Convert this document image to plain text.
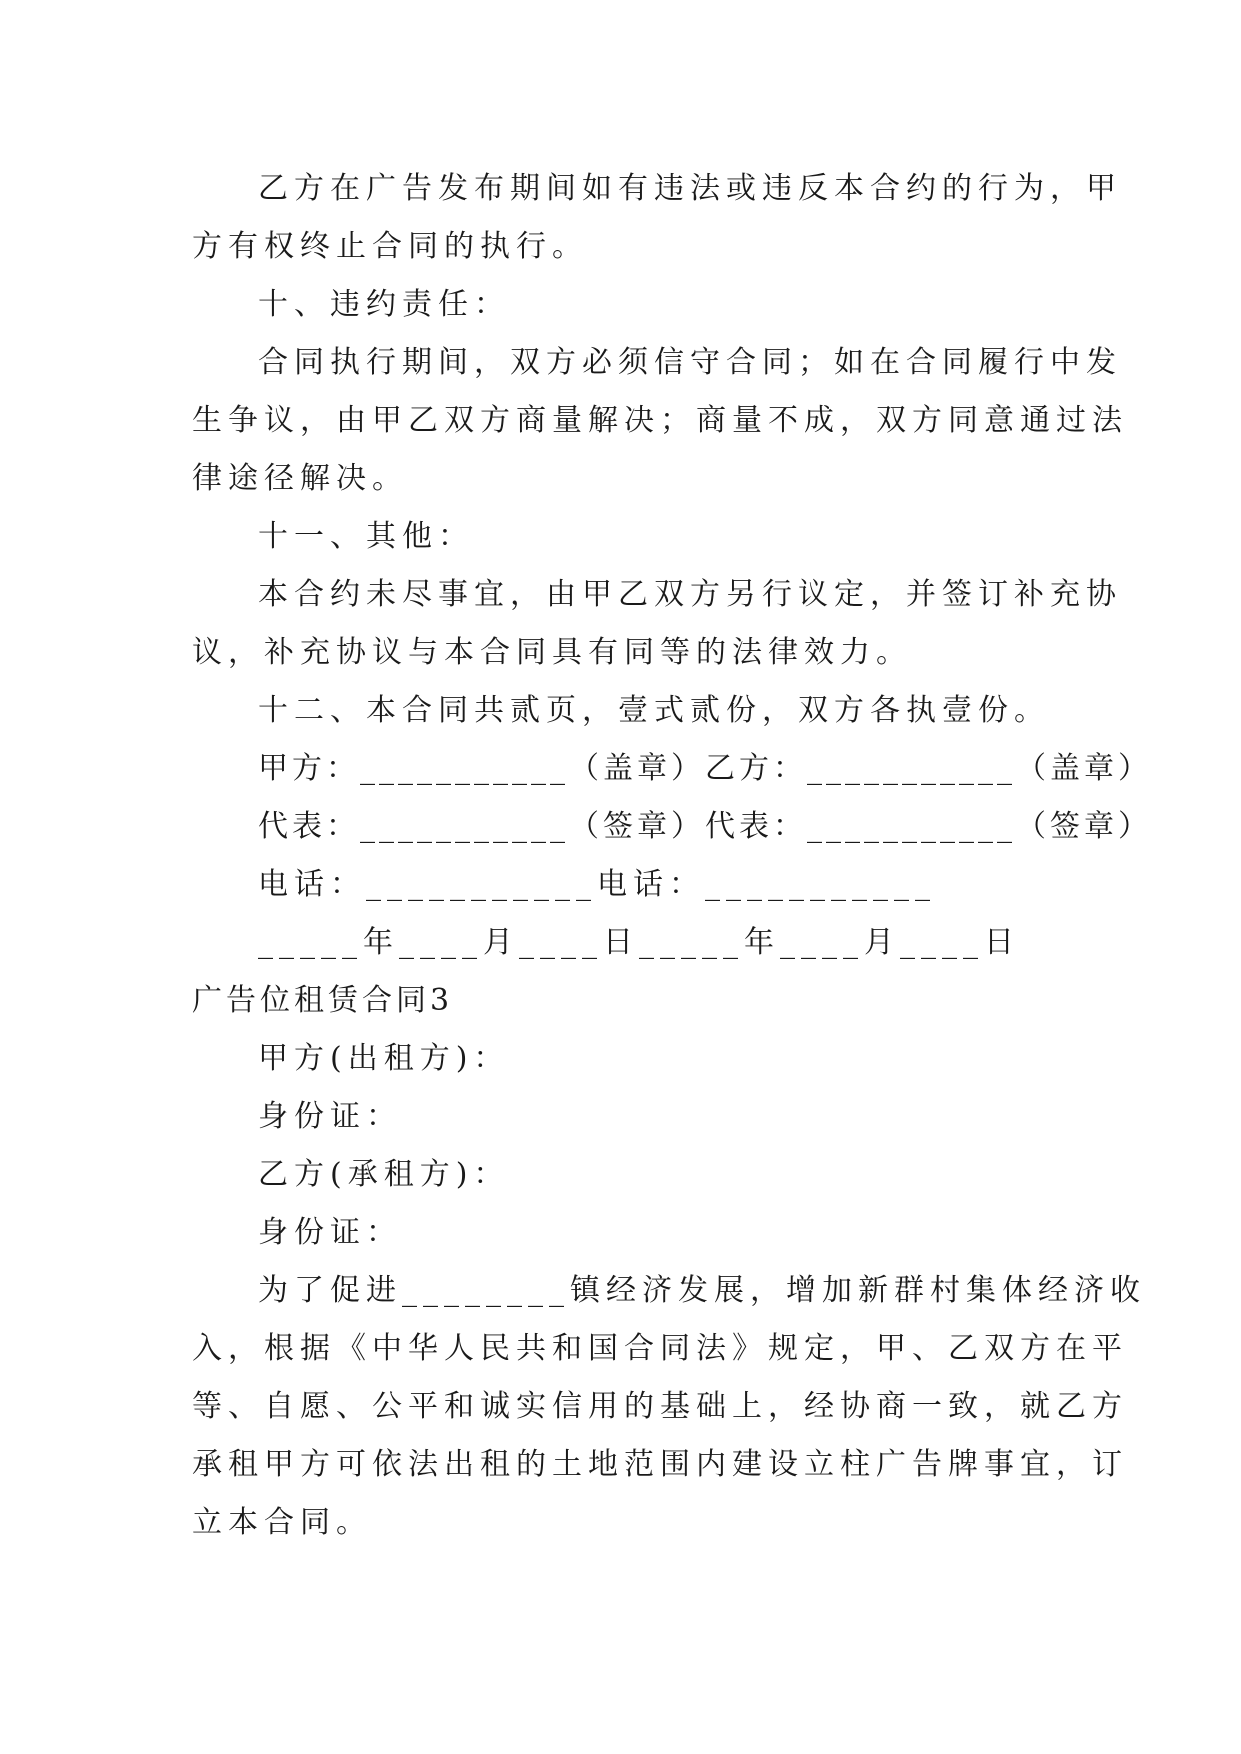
乙方在广告发布期间如有违法或违反本合约的行为，甲
方有权终止合同的执行。
十、违约责任：
合同执行期间，双方必须信守合同；如在合同履行中发
生争议，由甲乙双方商量解决；商量不成，双方同意通过法
律途径解决。
十一、其他：
本合约未尽事宜，由甲乙双方另行议定，并签订补充协
议，补充协议与本合同具有同等的法律效力。
十二、本合同共贰页，壹式贰份，双方各执壹份。
甲方：___________（盖章） 乙方：___________（盖章）
代表：___________（签章） 代表：___________（签章）
电话：___________电话：___________
_____年____月____日_____年____月____日
广告位租赁合同3
甲方(出租方)：
身份证：
乙方(承租方)：
身份证：
为了促进________镇经济发展，增加新群村集体经济收
入，根据《中华人民共和国合同法》规定，甲、乙双方在平
等、自愿、公平和诚实信用的基础上，经协商一致，就乙方
承租甲方可依法出租的土地范围内建设立柱广告牌事宜，订
立本合同。
